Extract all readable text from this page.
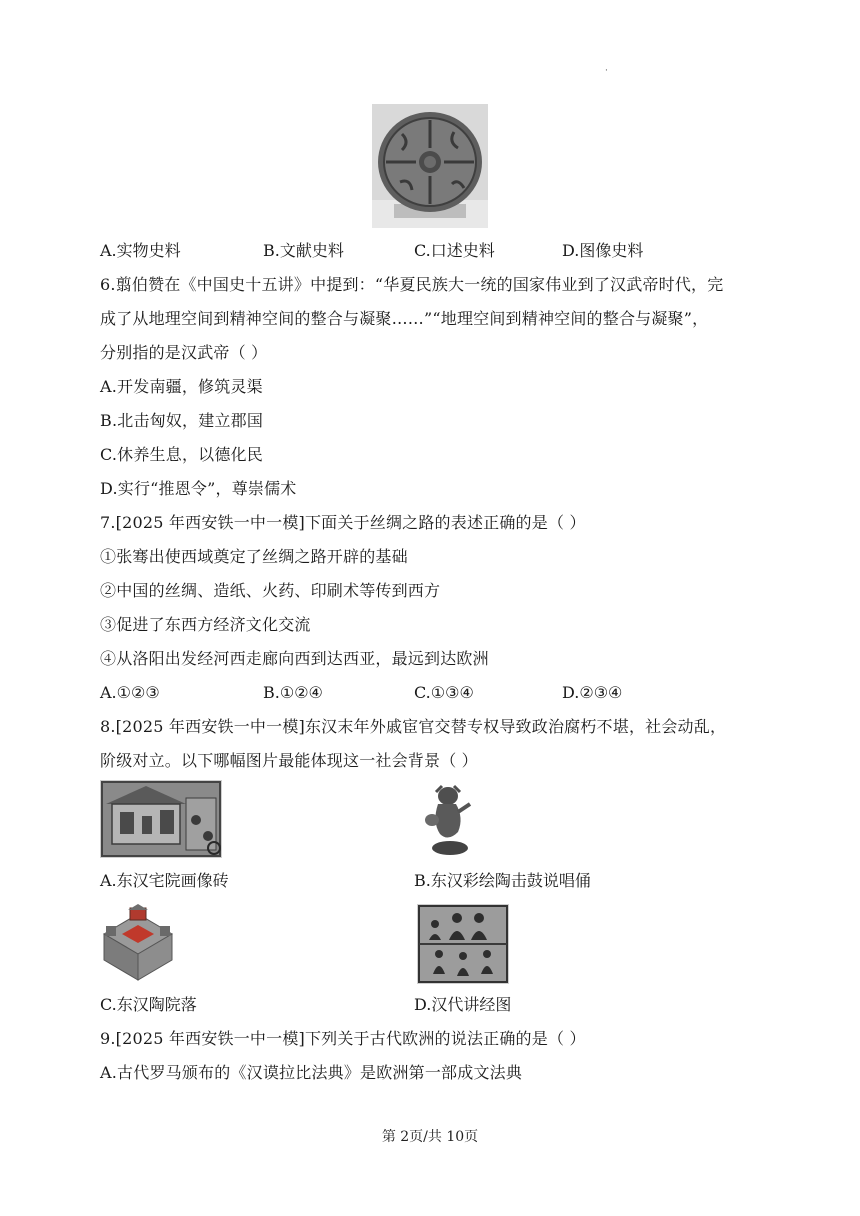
·
A.实物史料	B.文献史料	C.口述史料	D.图像史料
6.翦伯赞在《中国史十五讲》中提到：“华夏民族大一统的国家伟业到了汉武帝时代，完
成了从地理空间到精神空间的整合与凝聚……”“地理空间到精神空间的整合与凝聚”，
分别指的是汉武帝（ ）
A.开发南疆，修筑灵渠
B.北击匈奴，建立郡国
C.休养生息，以德化民
D.实行“推恩令”，尊崇儒术
7.[2025 年西安铁一中一模]下面关于丝绸之路的表述正确的是（ ）
①张骞出使西域奠定了丝绸之路开辟的基础
②中国的丝绸、造纸、火药、印刷术等传到西方
③促进了东西方经济文化交流
④从洛阳出发经河西走廊向西到达西亚，最远到达欧洲
A.①②③	B.①②④	C.①③④	D.②③④
8.[2025 年西安铁一中一模]东汉末年外戚宦官交替专权导致政治腐朽不堪，社会动乱，
阶级对立。以下哪幅图片最能体现这一社会背景（ ）
A.东汉宅院画像砖	B.东汉彩绘陶击鼓说唱俑
C.东汉陶院落	D.汉代讲经图
9.[2025 年西安铁一中一模]下列关于古代欧洲的说法正确的是（ ）
A.古代罗马颁布的《汉谟拉比法典》是欧洲第一部成文法典
第 2页/共 10页
